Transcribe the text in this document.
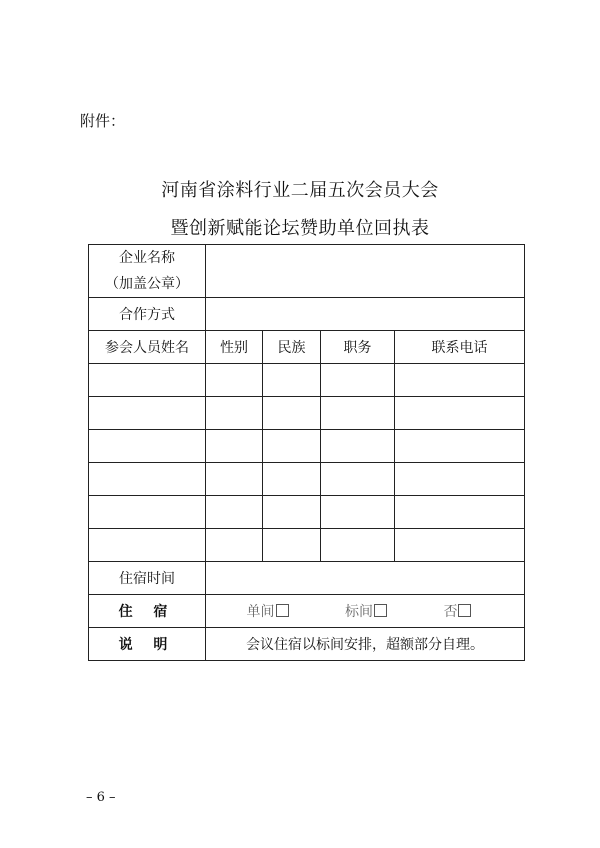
附件：
河南省涂料行业二届五次会员大会
暨创新赋能论坛赞助单位回执表
企业名称
（加盖公章）				
合作方式				
参会人员姓名	性别	民族	职务	联系电话

住宿时间				
住 宿	单间 标间 否			
说 明	会议住宿以标间安排，超额部分自理。			
– 6 –
